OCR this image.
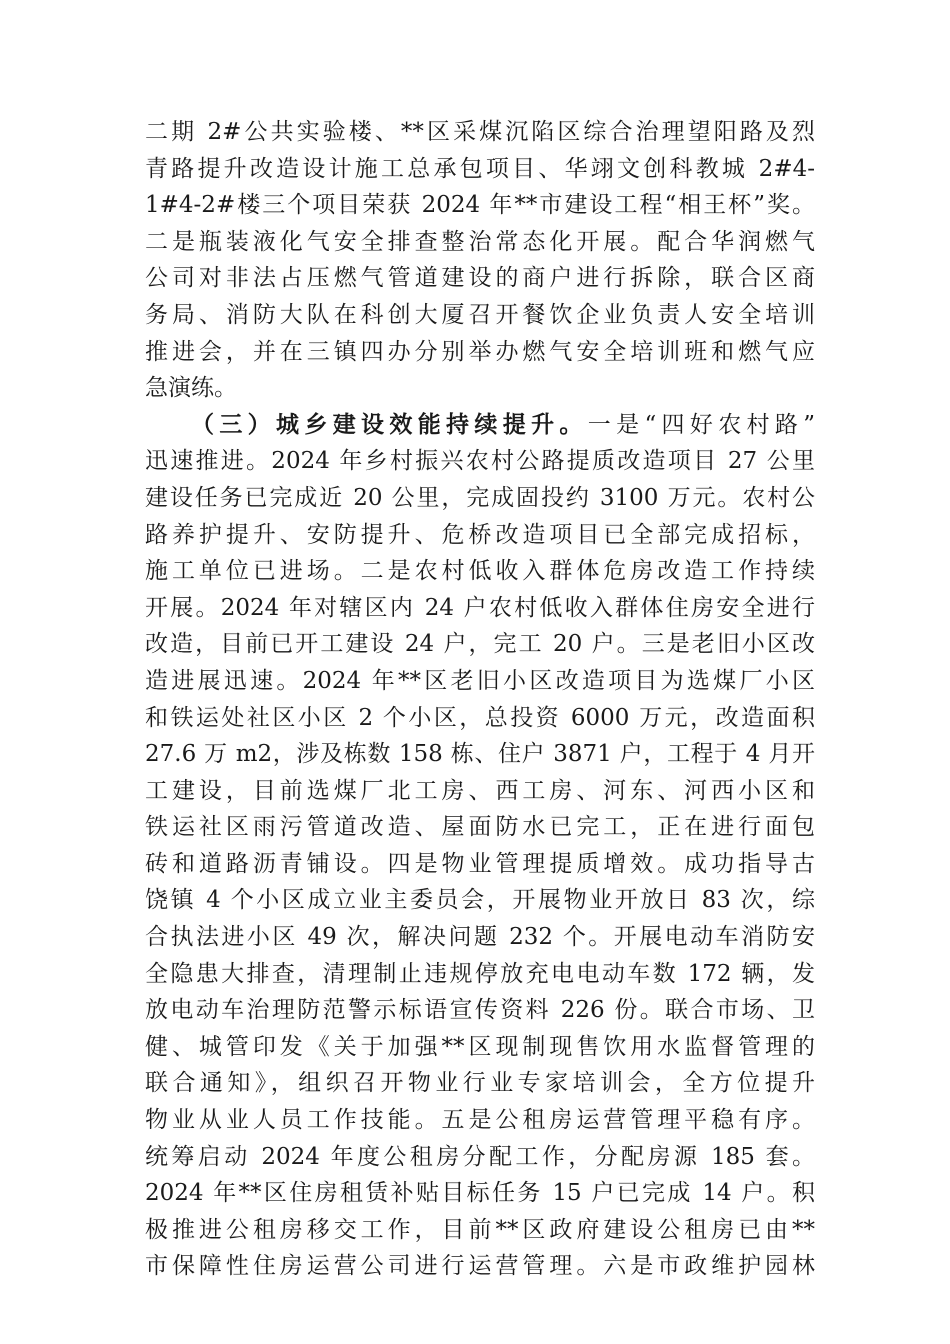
二期 2#公共实验楼、**区采煤沉陷区综合治理望阳路及烈
青路提升改造设计施工总承包项目、华翊文创科教城 2#4-
1#4-2#楼三个项目荣获 2024 年**市建设工程“相王杯”奖。
二是瓶装液化气安全排查整治常态化开展。配合华润燃气
公司对非法占压燃气管道建设的商户进行拆除，联合区商
务局、消防大队在科创大厦召开餐饮企业负责人安全培训
推进会，并在三镇四办分别举办燃气安全培训班和燃气应
急演练。
（三）城乡建设效能持续提升。一是“四好农村路”
迅速推进。2024 年乡村振兴农村公路提质改造项目 27 公里
建设任务已完成近 20 公里，完成固投约 3100 万元。农村公
路养护提升、安防提升、危桥改造项目已全部完成招标，
施工单位已进场。二是农村低收入群体危房改造工作持续
开展。2024 年对辖区内 24 户农村低收入群体住房安全进行
改造，目前已开工建设 24 户，完工 20 户。三是老旧小区改
造进展迅速。2024 年**区老旧小区改造项目为选煤厂小区
和铁运处社区小区 2 个小区，总投资 6000 万元，改造面积
27.6 万 m2，涉及栋数 158 栋、住户 3871 户，工程于 4 月开
工建设，目前选煤厂北工房、西工房、河东、河西小区和
铁运社区雨污管道改造、屋面防水已完工，正在进行面包
砖和道路沥青铺设。四是物业管理提质增效。成功指导古
饶镇 4 个小区成立业主委员会，开展物业开放日 83 次，综
合执法进小区 49 次，解决问题 232 个。开展电动车消防安
全隐患大排查，清理制止违规停放充电电动车数 172 辆，发
放电动车治理防范警示标语宣传资料 226 份。联合市场、卫
健、城管印发《关于加强**区现制现售饮用水监督管理的
联合通知》，组织召开物业行业专家培训会，全方位提升
物业从业人员工作技能。五是公租房运营管理平稳有序。
统筹启动 2024 年度公租房分配工作，分配房源 185 套。
2024 年**区住房租赁补贴目标任务 15 户已完成 14 户。积
极推进公租房移交工作，目前**区政府建设公租房已由**
市保障性住房运营公司进行运营管理。六是市政维护园林
